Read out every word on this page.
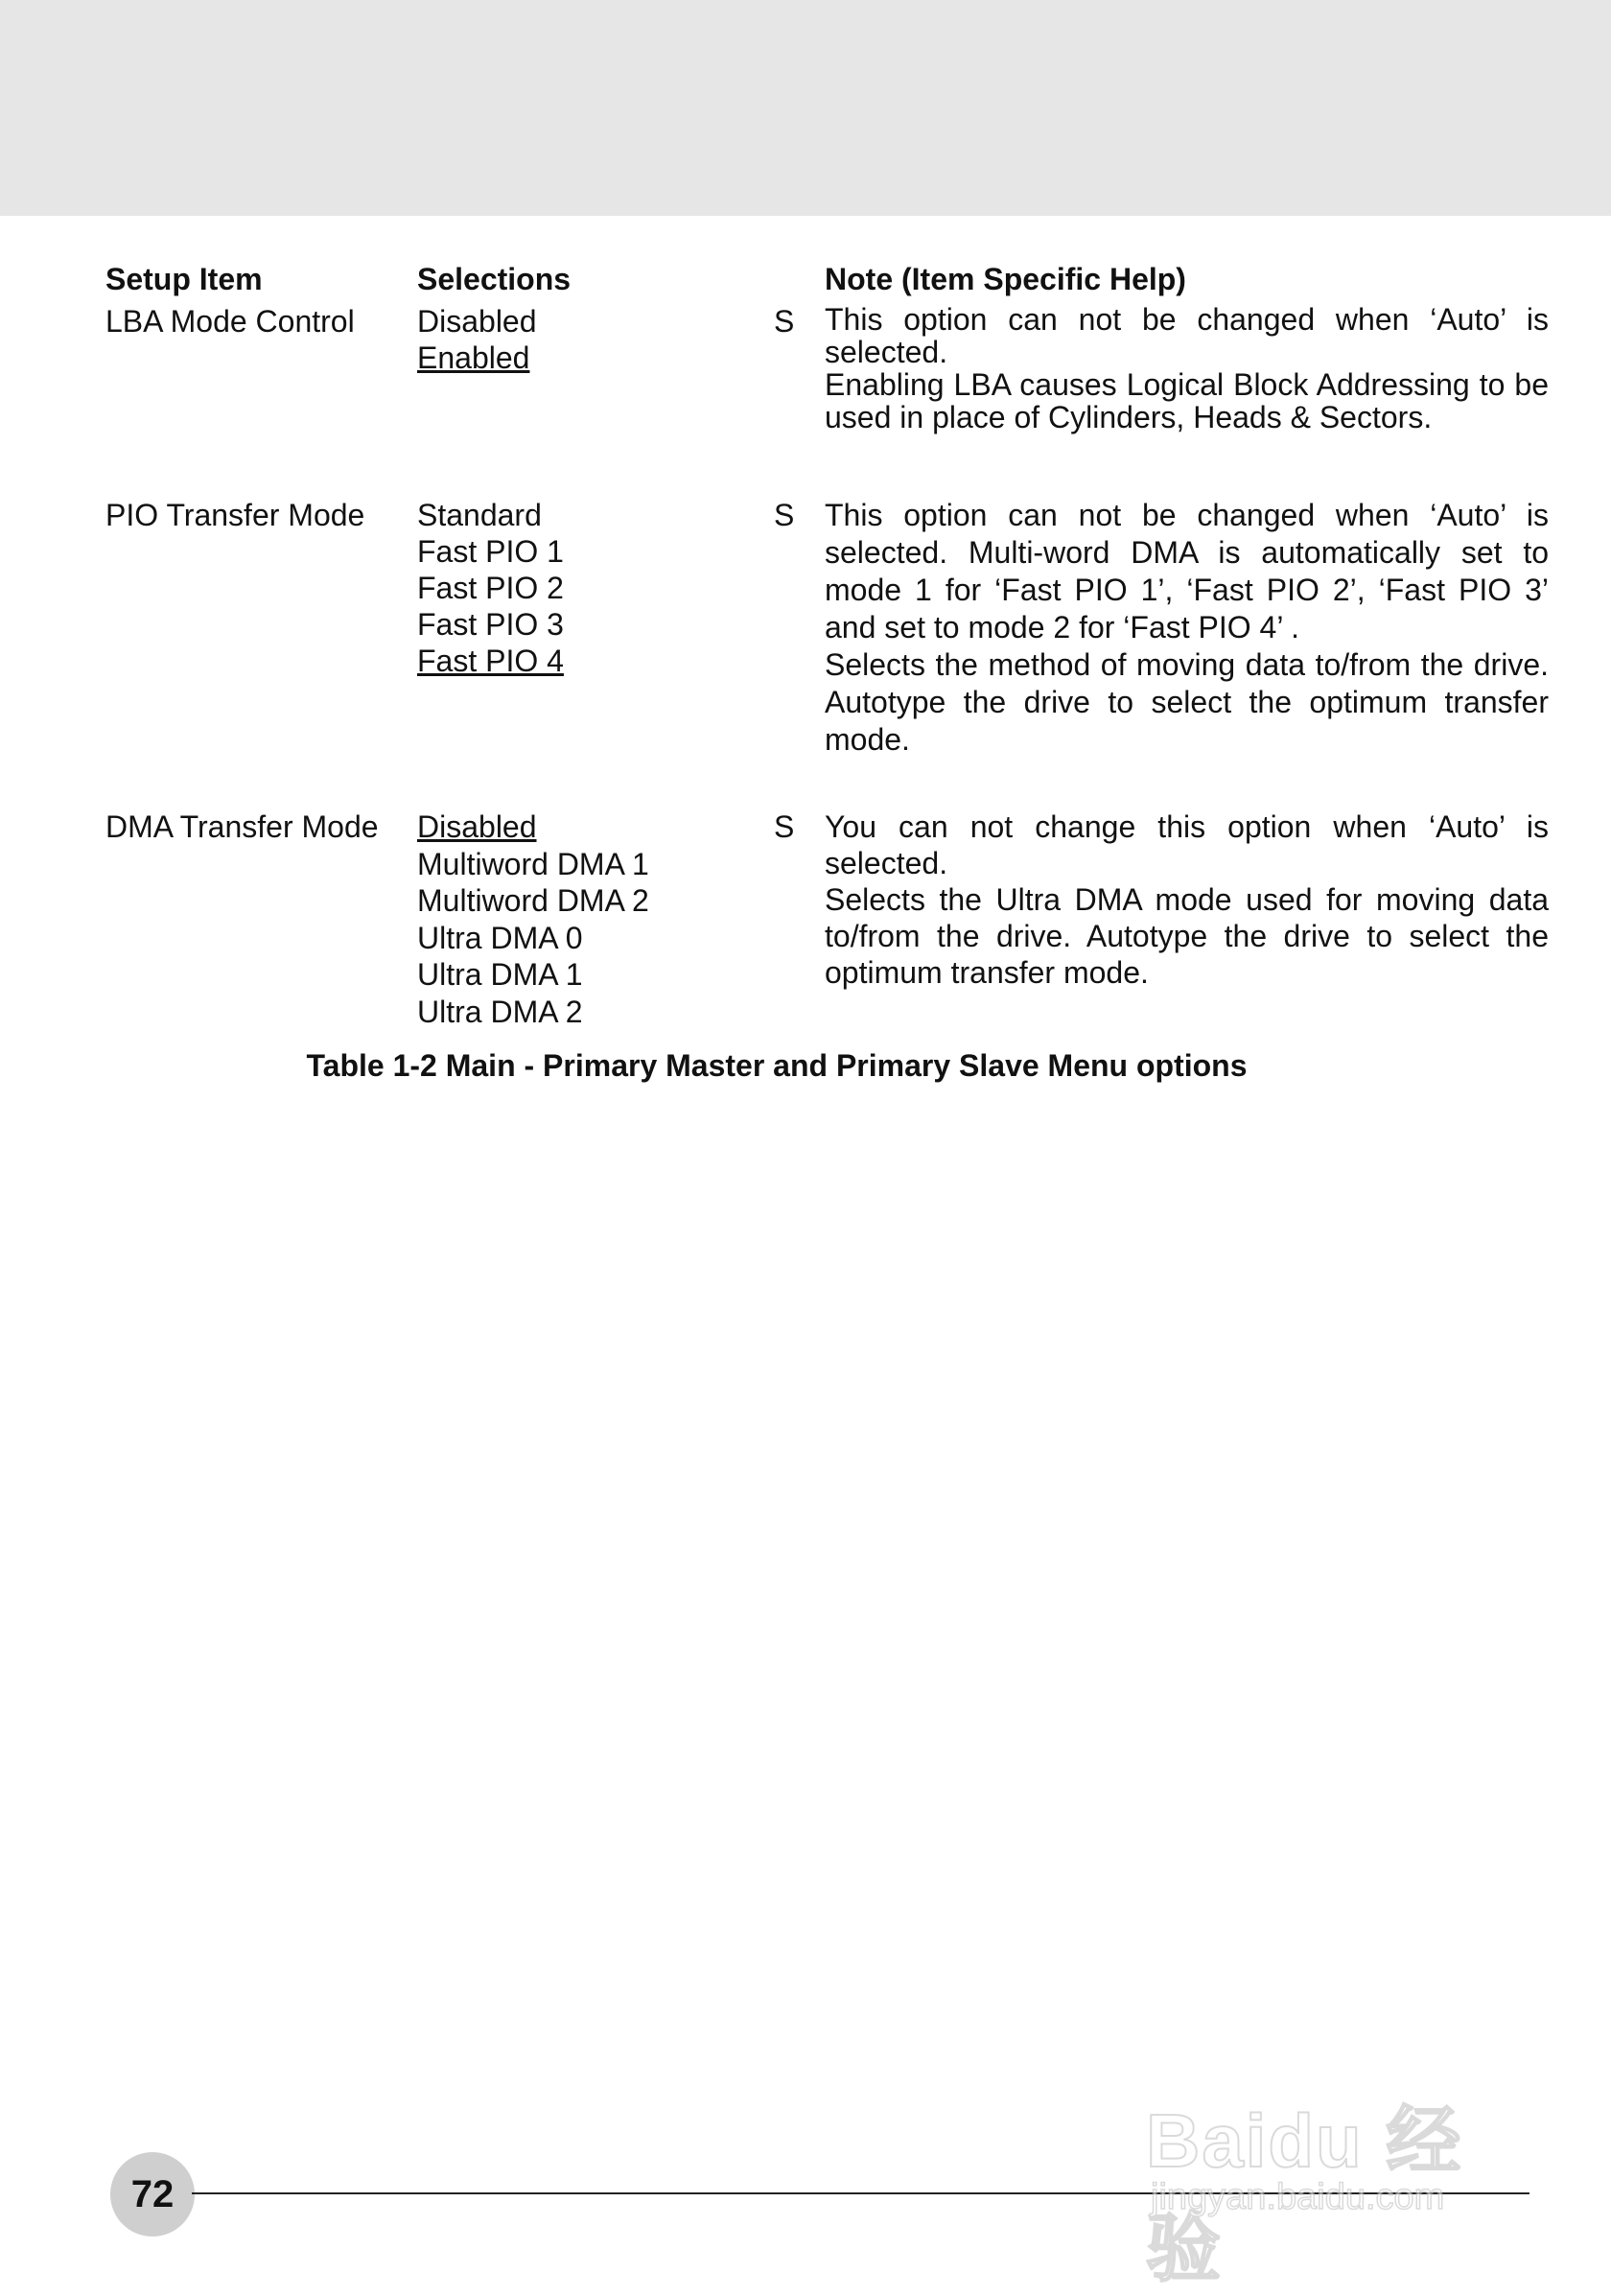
Setup Item	Selections	Note (Item Specific Help)
LBA Mode Control Disabled
Enabled
S This option can not be changed when ‘Auto’ is selected.

Enabling LBA causes Logical Block Addressing to be used in place of Cylinders, Heads & Sectors.

PIO Transfer Mode Standard
Fast PIO 1
Fast PIO 2
Fast PIO 3
Fast PIO 4
S This option can not be changed when ‘Auto’ is selected. Multi-word DMA is automatically set to mode 1 for ‘Fast PIO 1’, ‘Fast PIO 2’, ‘Fast PIO 3’ and set to mode 2 for ‘Fast PIO 4’ .

Selects the method of moving data to/from the drive. Autotype the drive to select the optimum transfer mode.

DMA Transfer Mode Disabled
Multiword DMA 1
Multiword DMA 2
Ultra DMA 0
Ultra DMA 1
Ultra DMA 2
S You can not change this option when ‘Auto’ is selected.

Selects the Ultra DMA mode used for moving data to/from the drive. Autotype the drive to select the optimum transfer mode.

Table 1-2 Main - Primary Master and Primary Slave Menu options
72
Baidu 经验
jingyan.baidu.com
